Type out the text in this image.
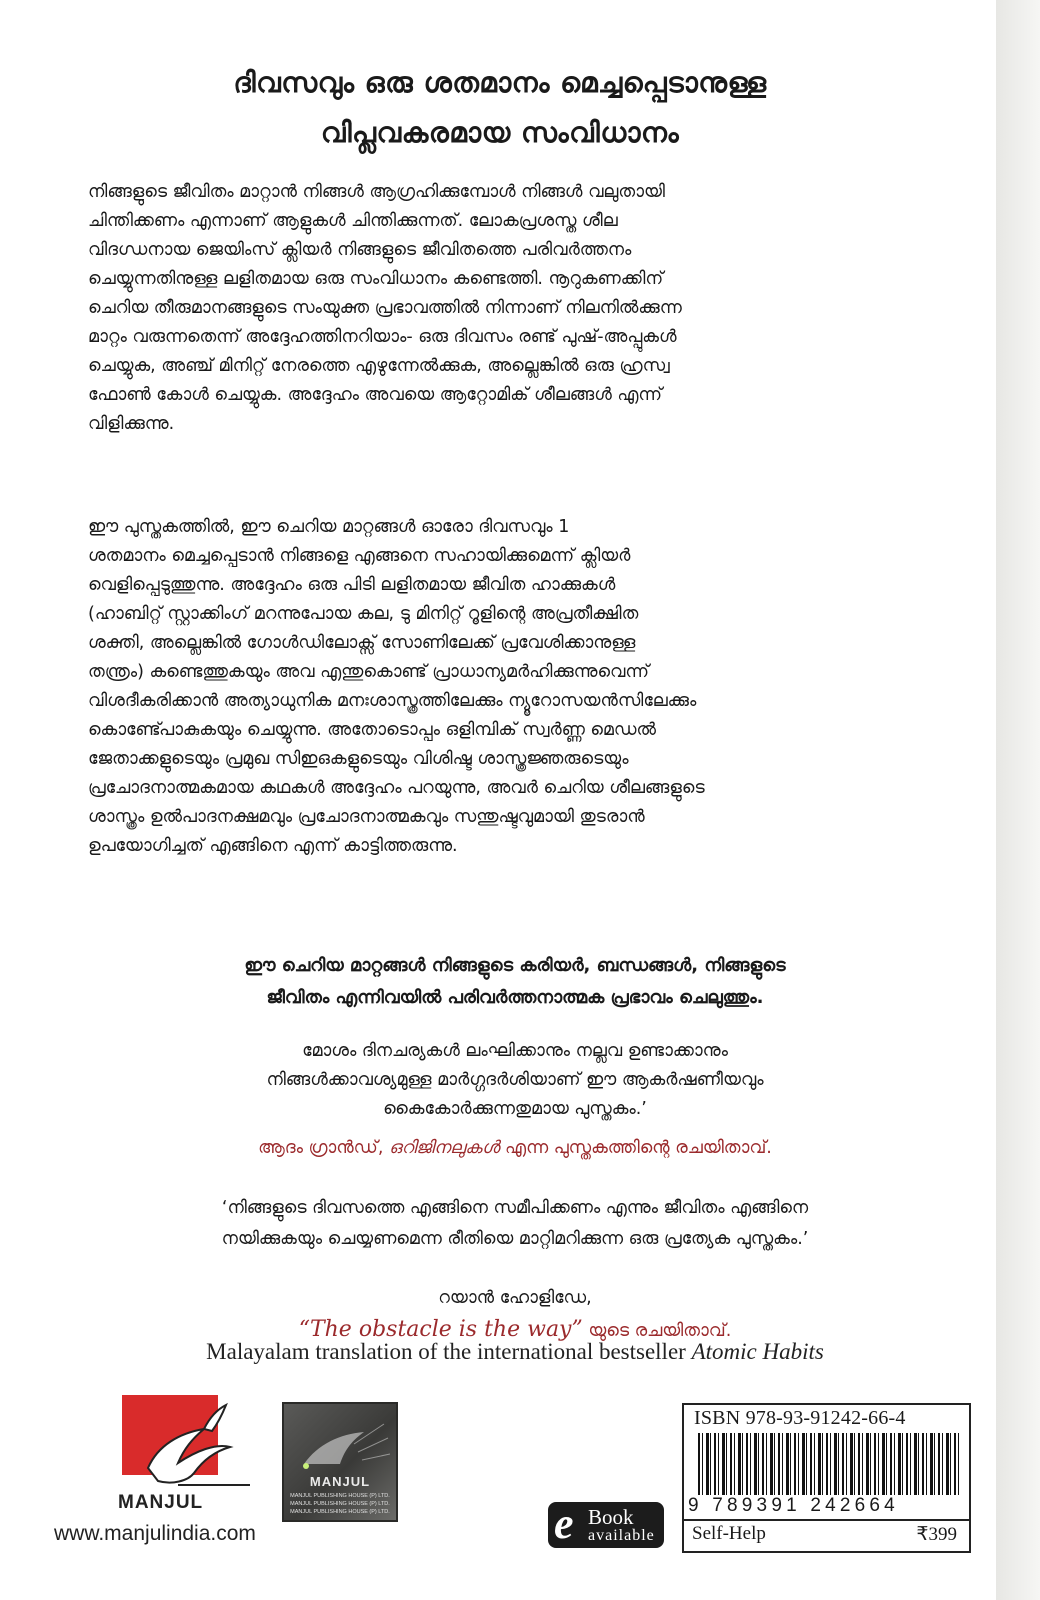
ദിവസവും ഒരു ശതമാനം മെച്ചപ്പെടാനുള്ള
വിപ്ലവകരമായ സംവിധാനം
നിങ്ങളുടെ ജീവിതം മാറ്റാൻ നിങ്ങൾ ആഗ്രഹിക്കുമ്പോൾ നിങ്ങൾ വലുതായി
ചിന്തിക്കണം എന്നാണ് ആളുകൾ ചിന്തിക്കുന്നത്. ലോകപ്രശസ്ത ശീല
വിദഗ്ധനായ ജെയിംസ് ക്ലിയർ നിങ്ങളുടെ ജീവിതത്തെ പരിവർത്തനം
ചെയ്യുന്നതിനുള്ള ലളിതമായ ഒരു സംവിധാനം കണ്ടെത്തി. നൂറുകണക്കിന്
ചെറിയ തീരുമാനങ്ങളുടെ സംയുക്ത പ്രഭാവത്തിൽ നിന്നാണ് നിലനിൽക്കുന്ന
മാറ്റം വരുന്നതെന്ന് അദ്ദേഹത്തിനറിയാം- ഒരു ദിവസം രണ്ട് പുഷ്-അപ്പുകൾ
ചെയ്യുക, അഞ്ച് മിനിറ്റ് നേരത്തെ എഴുന്നേൽക്കുക, അല്ലെങ്കിൽ ഒരു ഹ്രസ്വ
ഫോൺ കോൾ ചെയ്യുക. അദ്ദേഹം അവയെ ആറ്റോമിക് ശീലങ്ങൾ എന്ന്
വിളിക്കുന്നു.
ഈ പുസ്തകത്തിൽ, ഈ ചെറിയ മാറ്റങ്ങൾ ഓരോ ദിവസവും 1
ശതമാനം മെച്ചപ്പെടാൻ നിങ്ങളെ എങ്ങനെ സഹായിക്കുമെന്ന് ക്ലിയർ
വെളിപ്പെടുത്തുന്നു. അദ്ദേഹം ഒരു പിടി ലളിതമായ ജീവിത ഹാക്കുകൾ
(ഹാബിറ്റ് സ്റ്റാക്കിംഗ് മറന്നുപോയ കല, ടു മിനിറ്റ് റൂളിന്റെ അപ്രതീക്ഷിത
ശക്തി, അല്ലെങ്കിൽ ഗോൾഡിലോക്സ് സോണിലേക്ക് പ്രവേശിക്കാനുള്ള
തന്ത്രം) കണ്ടെത്തുകയും അവ എന്തുകൊണ്ട് പ്രാധാന്യമർഹിക്കുന്നുവെന്ന്
വിശദീകരിക്കാൻ അത്യാധുനിക മനഃശാസ്ത്രത്തിലേക്കും ന്യൂറോസയൻസിലേക്കും
കൊണ്ട്പോകുകയും ചെയ്യുന്നു. അതോടൊപ്പം ഒളിമ്പിക് സ്വർണ്ണ മെഡൽ
ജേതാക്കളുടെയും പ്രമുഖ സിഇഒകളുടെയും വിശിഷ്ട ശാസ്ത്രജ്ഞരുടെയും
പ്രചോദനാത്മകമായ കഥകൾ അദ്ദേഹം പറയുന്നു, അവർ ചെറിയ ശീലങ്ങളുടെ
ശാസ്ത്രം ഉൽപാദനക്ഷമവും പ്രചോദനാത്മകവും സന്തുഷ്ടവുമായി തുടരാൻ
ഉപയോഗിച്ചത് എങ്ങിനെ എന്ന് കാട്ടിത്തരുന്നു.
ഈ ചെറിയ മാറ്റങ്ങൾ നിങ്ങളുടെ കരിയർ, ബന്ധങ്ങൾ, നിങ്ങളുടെ
ജീവിതം എന്നിവയിൽ പരിവർത്തനാത്മക പ്രഭാവം ചെലുത്തും.
മോശം ദിനചര്യകൾ ലംഘിക്കാനും നല്ലവ ഉണ്ടാക്കാനും
നിങ്ങൾക്കാവശ്യമുള്ള മാർഗ്ഗദർശിയാണ് ഈ ആകർഷണീയവും
കൈകോർക്കുന്നതുമായ പുസ്തകം.’
ആദം ഗ്രാൻഡ്, ഒറിജിനലുകൾ എന്ന പുസ്തകത്തിന്റെ രചയിതാവ്.
‘നിങ്ങളുടെ ദിവസത്തെ എങ്ങിനെ സമീപിക്കണം എന്നും ജീവിതം എങ്ങിനെ
നയിക്കുകയും ചെയ്യണമെന്ന രീതിയെ മാറ്റിമറിക്കുന്ന ഒരു പ്രത്യേക പുസ്തകം.’
റയാൻ ഹോളിഡേ,
“The obstacle is the way” യുടെ രചയിതാവ്.
Malayalam translation of the international bestseller Atomic Habits
MANJUL
www.manjulindia.com
MANJUL
MANJUL PUBLISHING HOUSE (P) LTD.
MANJUL PUBLISHING HOUSE (P) LTD.
MANJUL PUBLISHING HOUSE (P) LTD.	e Book
available
ISBN 978-93-91242-66-4
9 789391 242664
Self-Help	₹399
